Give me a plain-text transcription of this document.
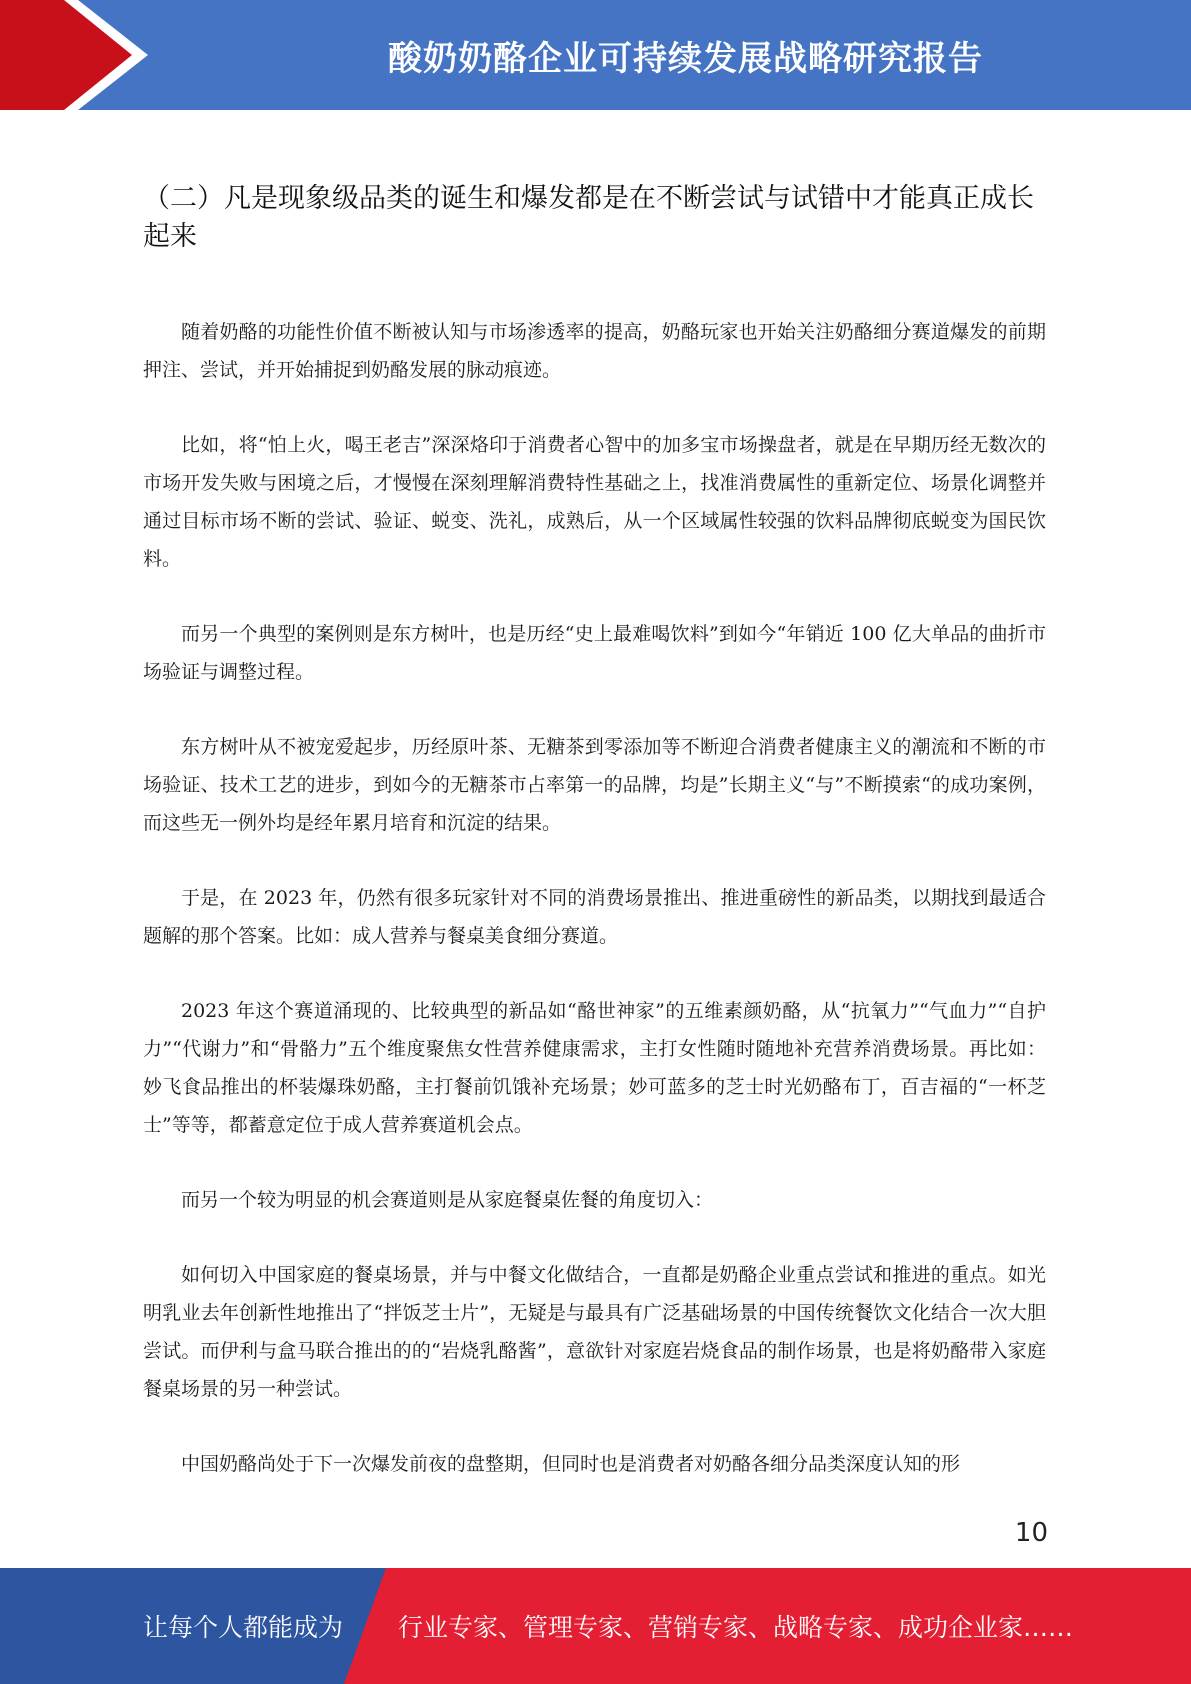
酸奶奶酪企业可持续发展战略研究报告
（二）凡是现象级品类的诞生和爆发都是在不断尝试与试错中才能真正成长起来

随着奶酪的功能性价值不断被认知与市场渗透率的提高，奶酪玩家也开始关注奶酪细分赛道爆发的前期押注、尝试，并开始捕捉到奶酪发展的脉动痕迹。

比如，将“怕上火，喝王老吉”深深烙印于消费者心智中的加多宝市场操盘者，就是在早期历经无数次的市场开发失败与困境之后，才慢慢在深刻理解消费特性基础之上，找准消费属性的重新定位、场景化调整并通过目标市场不断的尝试、验证、蜕变、洗礼，成熟后，从一个区域属性较强的饮料品牌彻底蜕变为国民饮料。

而另一个典型的案例则是东方树叶，也是历经“史上最难喝饮料”到如今“年销近 100 亿大单品的曲折市场验证与调整过程。

东方树叶从不被宠爱起步，历经原叶茶、无糖茶到零添加等不断迎合消费者健康主义的潮流和不断的市场验证、技术工艺的进步，到如今的无糖茶市占率第一的品牌，均是”长期主义“与”不断摸索“的成功案例，而这些无一例外均是经年累月培育和沉淀的结果。

于是，在 2023 年，仍然有很多玩家针对不同的消费场景推出、推进重磅性的新品类，以期找到最适合题解的那个答案。比如：成人营养与餐桌美食细分赛道。

2023 年这个赛道涌现的、比较典型的新品如“酪世神家”的五维素颜奶酪，从“抗氧力”“气血力”“自护力”“代谢力”和“骨骼力”五个维度聚焦女性营养健康需求，主打女性随时随地补充营养消费场景。再比如：妙飞食品推出的杯装爆珠奶酪，主打餐前饥饿补充场景；妙可蓝多的芝士时光奶酪布丁，百吉福的“一杯芝士”等等，都蓄意定位于成人营养赛道机会点。

而另一个较为明显的机会赛道则是从家庭餐桌佐餐的角度切入：

如何切入中国家庭的餐桌场景，并与中餐文化做结合，一直都是奶酪企业重点尝试和推进的重点。如光明乳业去年创新性地推出了“拌饭芝士片”，无疑是与最具有广泛基础场景的中国传统餐饮文化结合一次大胆尝试。而伊利与盒马联合推出的的“岩烧乳酪酱”，意欲针对家庭岩烧食品的制作场景，也是将奶酪带入家庭餐桌场景的另一种尝试。

中国奶酪尚处于下一次爆发前夜的盘整期，但同时也是消费者对奶酪各细分品类深度认知的形

10
让每个人都能成为 行业专家、管理专家、营销专家、战略专家、成功企业家……
